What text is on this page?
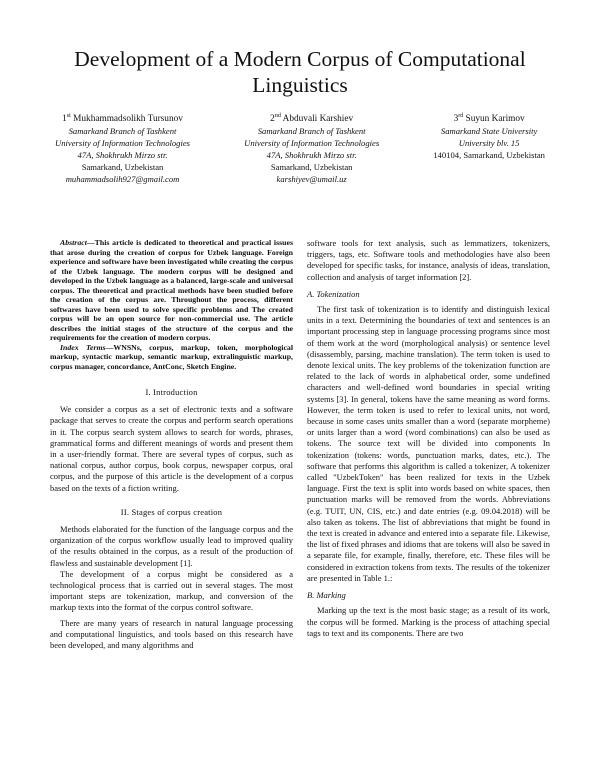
Development of a Modern Corpus of Computational Linguistics
1st Mukhammadsolikh Tursunov
Samarkand Branch of Tashkent
University of Information Technologies
47A, Shokhrukh Mirzo str.
Samarkand, Uzbekistan
muhammadsolih927@gmail.com
2nd Abduvali Karshiev
Samarkand Branch of Tashkent
University of Information Technologies
47A, Shokhrukh Mirzo str.
Samarkand, Uzbekistan
karshiyev@umail.uz
3rd Suyun Karimov
Samarkand State University
University blv. 15
140104, Samarkand, Uzbekistan

Abstract—This article is dedicated to theoretical and practical issues that arose during the creation of corpus for Uzbek language. Foreign experience and software have been investigated while creating the corpus of the Uzbek language. The modern corpus will be designed and developed in the Uzbek language as a balanced, large-scale and universal corpus. The theoretical and practical methods have been studied before the creation of the corpus are. Throughout the process, different softwares have been used to solve specific problems and The created corpus will be an open source for non-commercial use. The article describes the initial stages of the structure of the corpus and the requirements for the creation of modern corpus.

Index Terms—WNSNs, corpus, markup, token, morphological markup, syntactic markup, semantic markup, extralinguistic markup, corpus manager, concordance, AntConc, Sketch Engine.

I. Introduction

We consider a corpus as a set of electronic texts and a software package that serves to create the corpus and perform search operations in it. The corpus search system allows to search for words, phrases, grammatical forms and different meanings of words and present them in a user-friendly format. There are several types of corpus, such as national corpus, author corpus, book corpus, newspaper corpus, oral corpus, and the purpose of this article is the development of a corpus based on the texts of a fiction writing.

II. Stages of corpus creation

Methods elaborated for the function of the language corpus and the organization of the corpus workflow usually lead to improved quality of the results obtained in the corpus, as a result of the production of flawless and sustainable development [1].

The development of a corpus might be considered as a technological process that is carried out in several stages. The most important steps are tokenization, markup, and conversion of the markup texts into the format of the corpus control software.

There are many years of research in natural language processing and computational linguistics, and tools based on this research have been developed, and many algorithms and

software tools for text analysis, such as lemmatizers, tokenizers, triggers, tags, etc. Software tools and methodologies have also been developed for specific tasks, for instance, analysis of ideas, translation, collection and analysis of target information [2].

A. Tokenization

The first task of tokenization is to identify and distinguish lexical units in a text. Determining the boundaries of text and sentences is an important processing step in language processing programs since most of them work at the word (morphological analysis) or sentence level (disassembly, parsing, machine translation). The term token is used to denote lexical units. The key problems of the tokenization function are related to the lack of words in alphabetical order, some undefined characters and well-defined word boundaries in special writing systems [3]. In general, tokens have the same meaning as word forms. However, the term token is used to refer to lexical units, not word, because in some cases units smaller than a word (separate morpheme) or units larger than a word (word combinations) can also be used as tokens. The source text will be divided into components In tokenization (tokens: words, punctuation marks, dates, etc.). The software that performs this algorithm is called a tokenizer, A tokenizer called "UzbekToken" has been realized for texts in the Uzbek language. First the text is split into words based on white spaces, then punctuation marks will be removed from the words. Abbreviations (e.g. TUIT, UN, CIS, etc.) and date entries (e.g. 09.04.2018) will be also taken as tokens. The list of abbreviations that might be found in the text is created in advance and entered into a separate file. Likewise, the list of fixed phrases and idioms that are tokens will also be saved in a separate file, for example, finally, therefore, etc. These files will be considered in extraction tokens from texts. The results of the tokenizer are presented in Table 1.:

B. Marking

Marking up the text is the most basic stage; as a result of its work, the corpus will be formed. Marking is the process of attaching special tags to text and its components. There are two
